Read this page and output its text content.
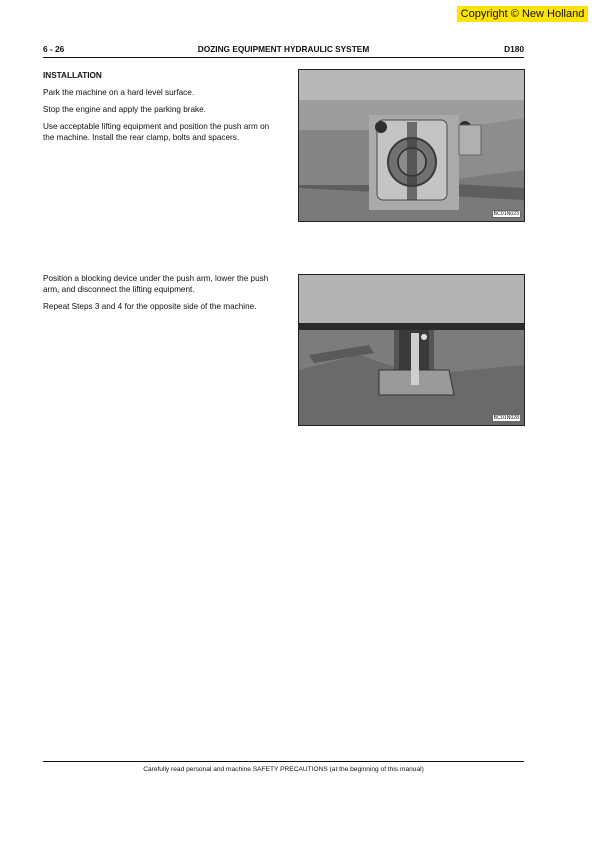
Copyright © New Holland
6 - 26	DOZING EQUIPMENT HYDRAULIC SYSTEM	D180
INSTALLATION

Park the machine on a hard level surface.

Stop the engine and apply the parking brake.

Use acceptable lifting equipment and position the push arm on the machine. Install the rear clamp, bolts and spacers.

BC01N023

Position a blocking device under the push arm, lower the push arm, and disconnect the lifting equipment.

Repeat Steps 3 and 4 for the opposite side of the machine.

BC01N028
Carefully read personal and machine SAFETY PRECAUTIONS (at the beginning of this manual)
